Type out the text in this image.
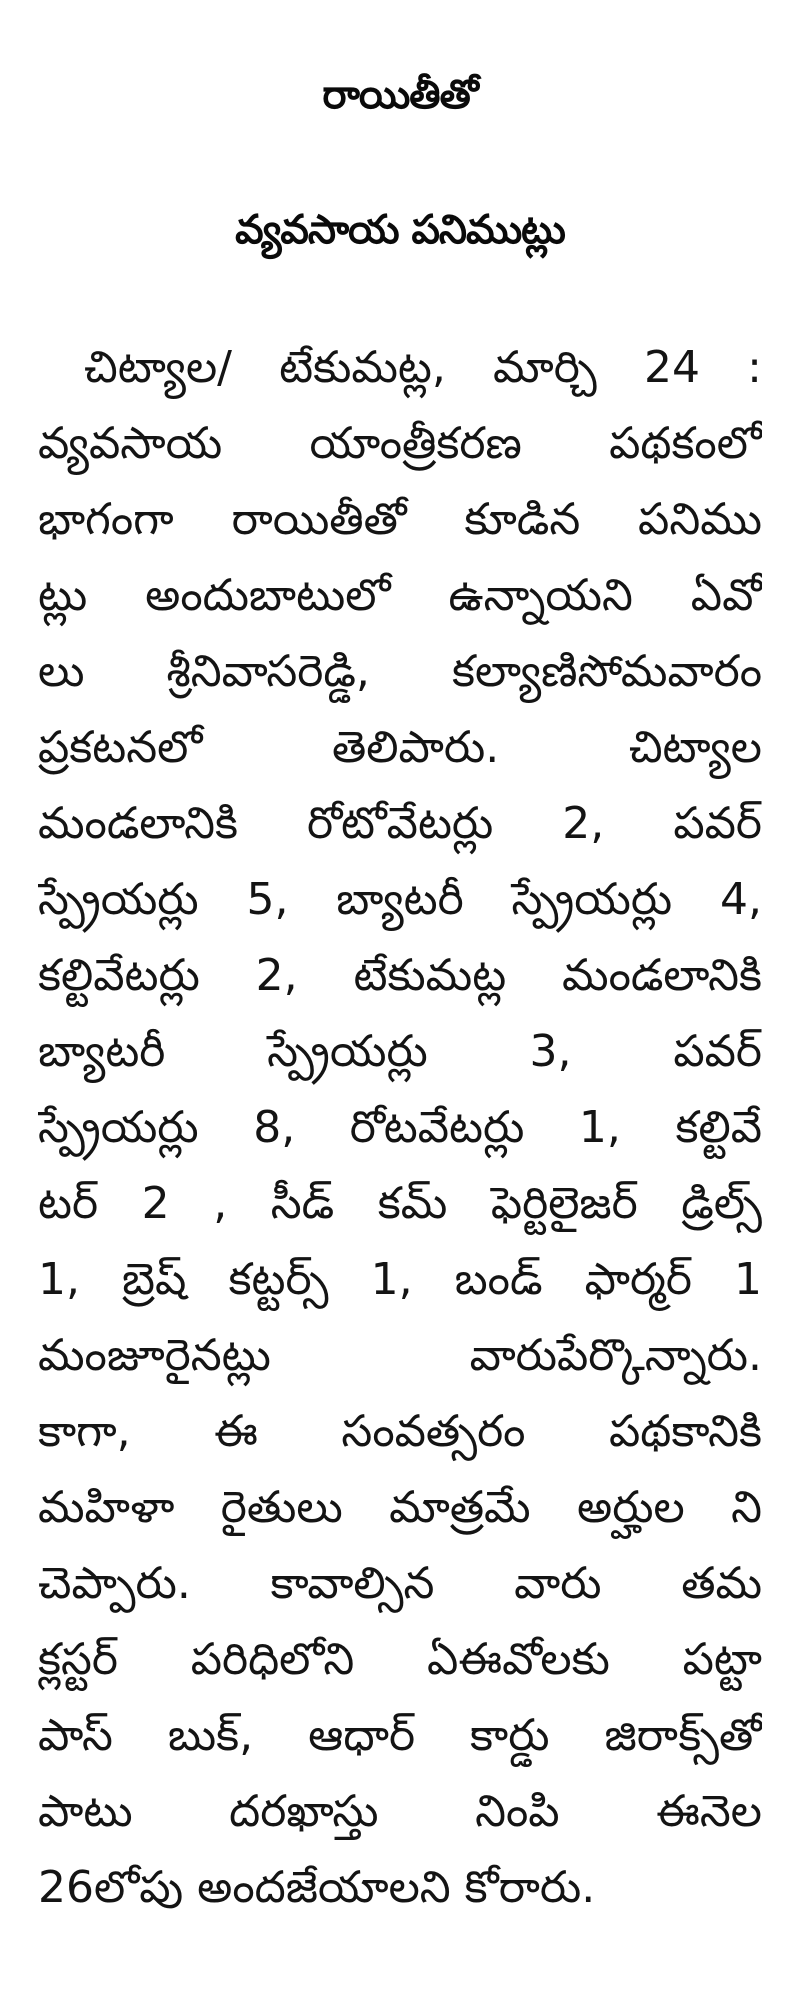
రాయితీతో
వ్యవసాయ పనిముట్లు
చిట్యాల/ టేకుమట్ల, మార్చి 24 :
వ్యవసాయ యాంత్రీకరణ పథకంలో
భాగంగా రాయితీతో కూడిన పనిము
ట్లు అందుబాటులో ఉన్నాయని ఏవో
లు శ్రీనివాసరెడ్డి, కల్యాణిసోమవారం
ప్రకటనలో తెలిపారు. చిట్యాల
మండలానికి రోటోవేటర్లు 2, పవర్
స్ప్రేయర్లు 5, బ్యాటరీ స్ప్రేయర్లు 4,
కల్టివేటర్లు 2, టేకుమట్ల మండలానికి
బ్యాటరీ స్ప్రేయర్లు 3, పవర్
స్ప్రేయర్లు 8, రోటవేటర్లు 1, కల్టివే
టర్ 2 , సీడ్ కమ్ ఫెర్టిలైజర్ డ్రిల్స్
1, బ్రెష్ కట్టర్స్ 1, బండ్ ఫార్మర్ 1
మంజూరైనట్లు వారుపేర్కొన్నారు.
కాగా, ఈ సంవత్సరం పథకానికి
మహిళా రైతులు మాత్రమే అర్హుల ని
చెప్పారు. కావాల్సిన వారు తమ
క్లస్టర్ పరిధిలోని ఏఈవోలకు పట్టా
పాస్ బుక్, ఆధార్ కార్డు జిరాక్స్‌తో
పాటు దరఖాస్తు నింపి ఈనెల
26లోపు అందజేయాలని కోరారు.
